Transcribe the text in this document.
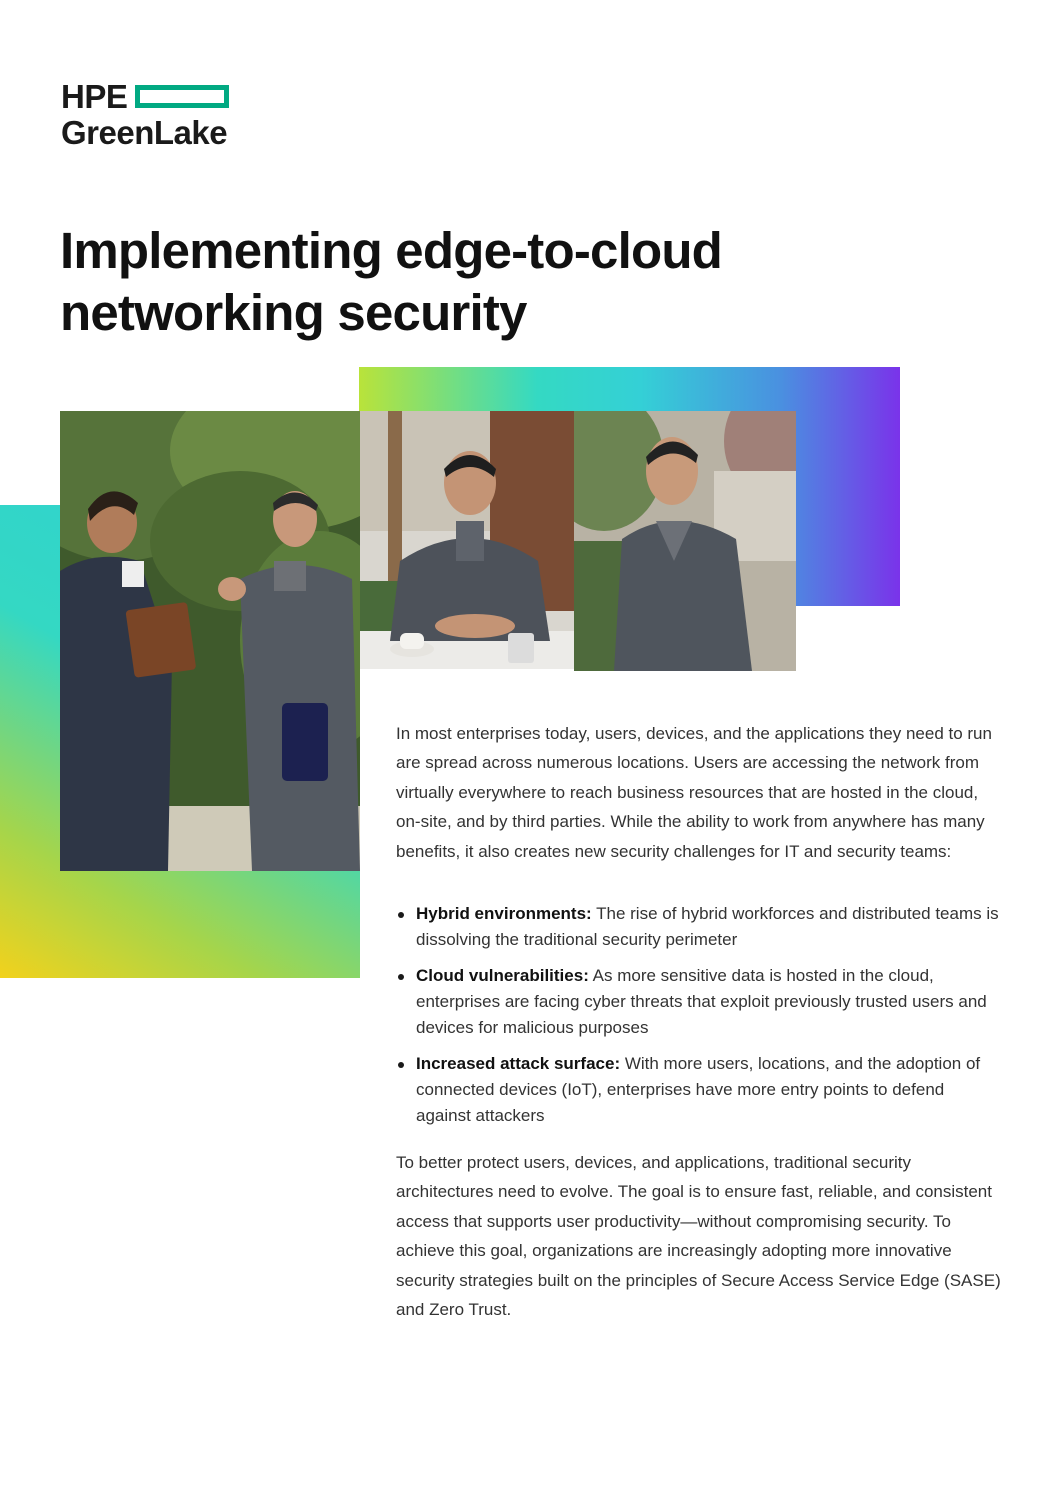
HPE
GreenLake
Implementing edge-to-cloud
networking security

In most enterprises today, users, devices, and the applications they need to run are spread across numerous locations. Users are accessing the network from virtually everywhere to reach business resources that are hosted in the cloud, on-site, and by third parties. While the ability to work from anywhere has many benefits, it also creates new security challenges for IT and security teams:

Hybrid environments: The rise of hybrid workforces and distributed teams is dissolving the traditional security perimeter
Cloud vulnerabilities: As more sensitive data is hosted in the cloud, enterprises are facing cyber threats that exploit previously trusted users and devices for malicious purposes
Increased attack surface: With more users, locations, and the adoption of connected devices (IoT), enterprises have more entry points to defend against attackers

To better protect users, devices, and applications, traditional security architectures need to evolve. The goal is to ensure fast, reliable, and consistent access that supports user productivity—without compromising security. To achieve this goal, organizations are increasingly adopting more innovative security strategies built on the principles of Secure Access Service Edge (SASE) and Zero Trust.
